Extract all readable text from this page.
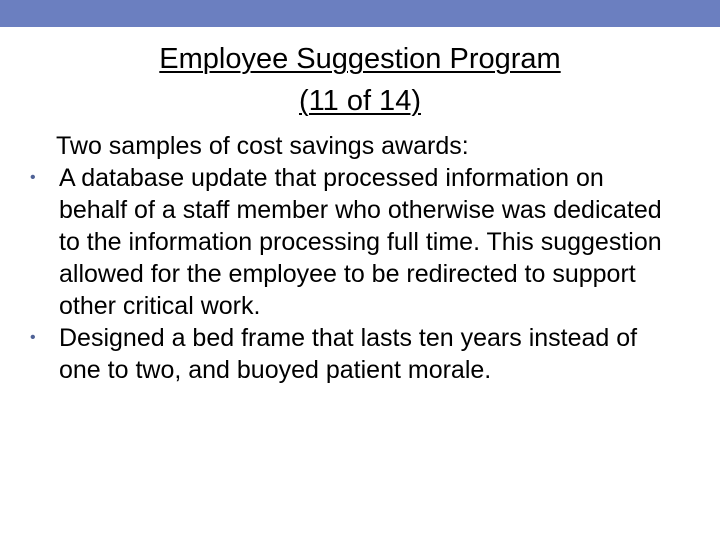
Employee Suggestion Program
(11 of 14)

Two samples of cost savings awards:

• A database update that processed information on behalf of a staff member who otherwise was dedicated to the information processing full time. This suggestion allowed for the employee to be redirected to support other critical work.
• Designed a bed frame that lasts ten years instead of one to two, and buoyed patient morale.
